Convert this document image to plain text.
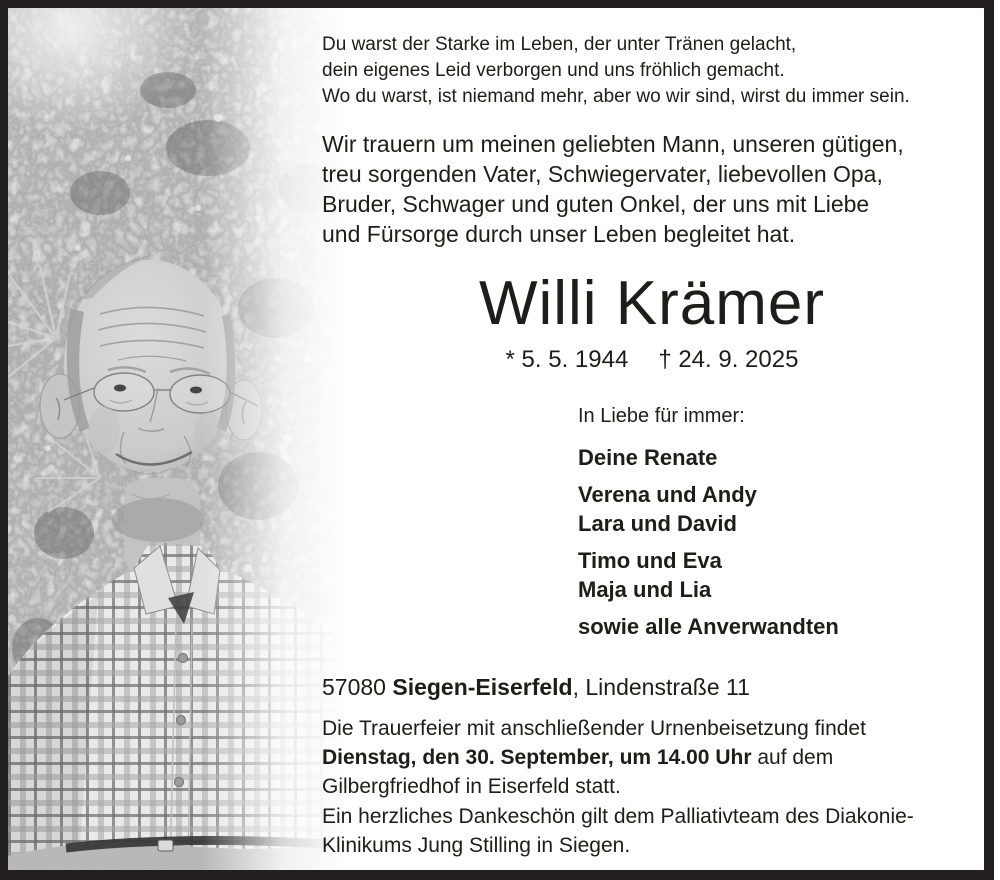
Du warst der Starke im Leben, der unter Tränen gelacht,
dein eigenes Leid verborgen und uns fröhlich gemacht.
Wo du warst, ist niemand mehr, aber wo wir sind, wirst du immer sein.
Wir trauern um meinen geliebten Mann, unseren gütigen,
treu sorgenden Vater, Schwiegervater, liebevollen Opa,
Bruder, Schwager und guten Onkel, der uns mit Liebe
und Fürsorge durch unser Leben begleitet hat.
Willi Krämer
* 5. 5. 1944 † 24. 9. 2025
In Liebe für immer:
Deine Renate
Verena und Andy
Lara und David
Timo und Eva
Maja und Lia
sowie alle Anverwandten
57080 Siegen-Eiserfeld, Lindenstraße 11
Die Trauerfeier mit anschließender Urnenbeisetzung findet
Dienstag, den 30. September, um 14.00 Uhr auf dem
Gilbergfriedhof in Eiserfeld statt.
Ein herzliches Dankeschön gilt dem Palliativteam des Diakonie-
Klinikums Jung Stilling in Siegen.
